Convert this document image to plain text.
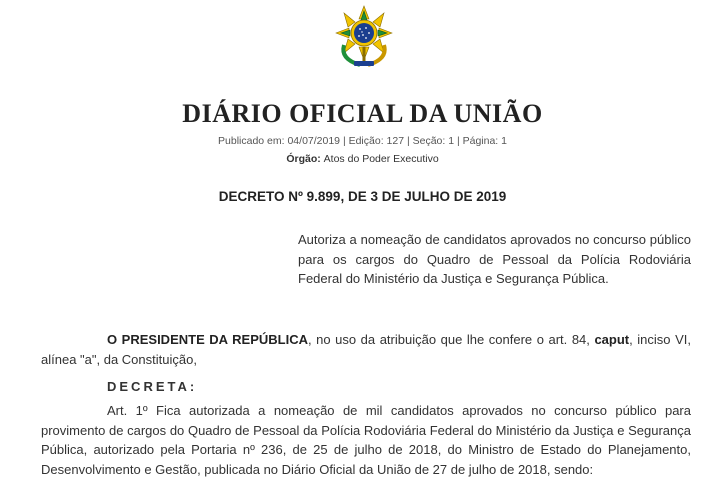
DIÁRIO OFICIAL DA UNIÃO
Publicado em: 04/07/2019 | Edição: 127 | Seção: 1 | Página: 1
Órgão: Atos do Poder Executivo
DECRETO Nº 9.899, DE 3 DE JULHO DE 2019
Autoriza a nomeação de candidatos aprovados no concurso público para os cargos do Quadro de Pessoal da Polícia Rodoviária Federal do Ministério da Justiça e Segurança Pública.
O PRESIDENTE DA REPÚBLICA, no uso da atribuição que lhe confere o art. 84, caput, inciso VI, alínea "a", da Constituição,
DECRETA:
Art. 1º Fica autorizada a nomeação de mil candidatos aprovados no concurso público para provimento de cargos do Quadro de Pessoal da Polícia Rodoviária Federal do Ministério da Justiça e Segurança Pública, autorizado pela Portaria nº 236, de 25 de julho de 2018, do Ministro de Estado do Planejamento, Desenvolvimento e Gestão, publicada no Diário Oficial da União de 27 de julho de 2018, sendo:
